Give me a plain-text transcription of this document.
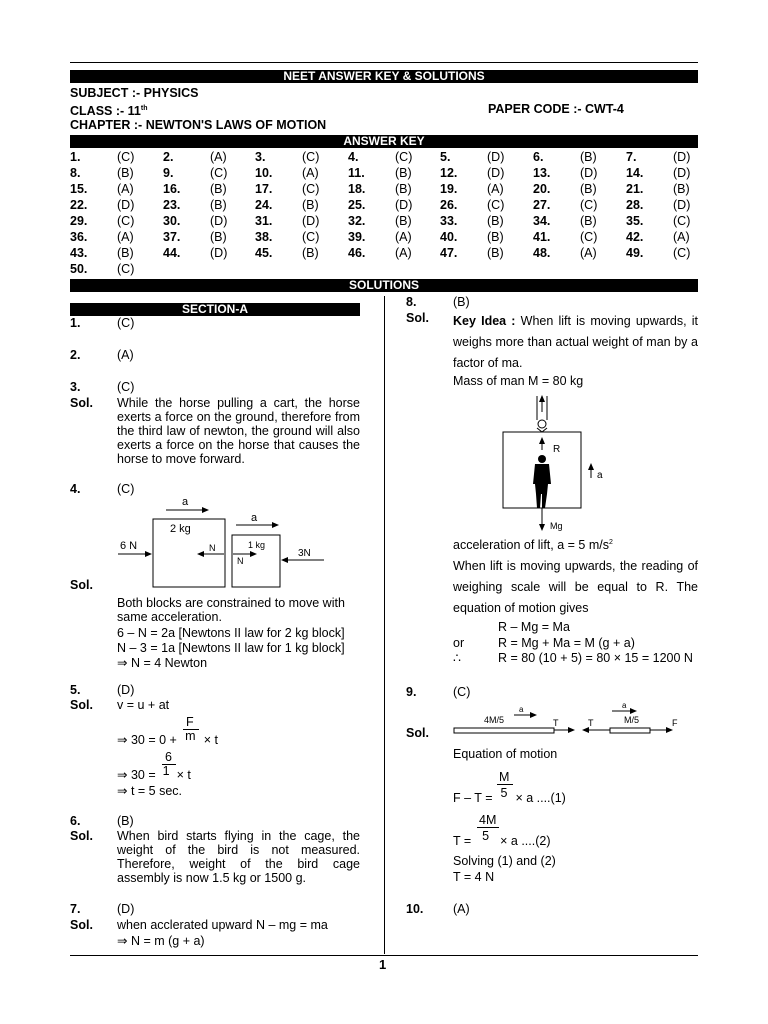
NEET ANSWER KEY & SOLUTIONS
SUBJECT :- PHYSICS
CLASS :- 11th	PAPER CODE :- CWT-4
CHAPTER :- NEWTON'S LAWS OF MOTION
ANSWER KEY
1.	(C) 2.	(A) 3.	(C) 4.	(C) 5.	(D) 6.	(B) 7.	(D)
8.	(B) 9.	(C) 10. (A) 11. (B) 12. (D) 13. (D) 14. (D)
15. (A) 16. (B) 17. (C) 18. (B) 19. (A) 20. (B) 21. (B)
22. (D) 23. (B) 24. (B) 25. (D) 26. (C) 27. (C) 28. (D)
29. (C) 30. (D) 31. (D) 32. (B) 33. (B) 34. (B) 35. (C)
36. (A) 37. (B) 38. (C) 39. (A) 40. (B) 41. (C) 42. (A)
43. (B) 44. (D) 45. (B) 46. (A) 47. (B) 48. (A) 49. (C)
50. (C)
SOLUTIONS
SECTION-A
1.	(C)
2.	(A)
3.	(C)
Sol. While the horse pulling a cart, the horse exerts a force on the ground, therefore from the third law of newton, the ground will also exerts a force on the horse that causes the horse to move forward.
4.	(C)
a
2 kg
a
1 kg
6 N	N
N
3N
Sol.
Both blocks are constrained to move with same acceleration.
6 – N = 2a [Newtons II law for 2 kg block]
N – 3 = 1a [Newtons II law for 1 kg block]
⇒ N = 4 Newton
5.	(D)
Sol. v = u + at
F
⇒ 30 = 0 + m × t
6
⇒ 30 = 1 × t
⇒ t = 5 sec.
6.	(B)
Sol. When bird starts flying in the cage, the weight of the bird is not measured. Therefore, weight of the bird cage assembly is now 1.5 kg or 1500 g.
7.	(D)
Sol. when acclerated upward N – mg = ma
⇒ N = m (g + a)
8.	(B)
Sol. Key Idea : When lift is moving upwards, it weighs more than actual weight of man by a factor of ma.
Mass of man M = 80 kg
R
a
Mg
acceleration of lift, a = 5 $m/s^2$
When lift is moving upwards, the reading of weighing scale will be equal to R. The equation of motion gives
R – Mg = Ma
or	R = Mg + Ma = M (g + a)
∴	R = 80 (10 + 5) = 80 × 15 = 1200 N
9.	(C)
Sol.
4M/5
a
T	T	M/5
a
F
Equation of motion
M
F – T = 5 × a ....(1)
4M
T = 5 × a ....(2)
Solving (1) and (2)
T = 4 N
10. (A)
1
